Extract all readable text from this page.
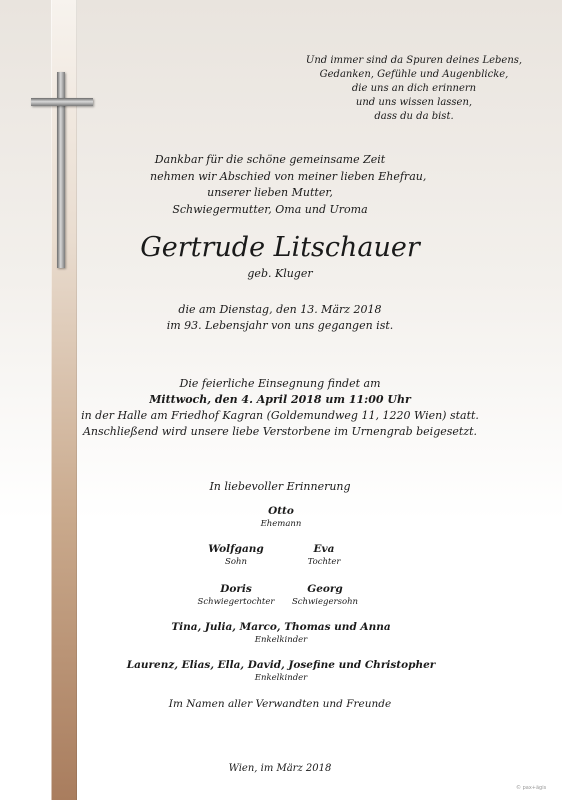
Und immer sind da Spuren deines Lebens,
Gedanken, Gefühle und Augenblicke,
die uns an dich erinnern
und uns wissen lassen,
dass du da bist.
Dankbar für die schöne gemeinsame Zeit
nehmen wir Abschied von meiner lieben Ehefrau,
unserer lieben Mutter,
Schwiegermutter, Oma und Uroma
Gertrude Litschauer
geb. Kluger
die am Dienstag, den 13. März 2018
im 93. Lebensjahr von uns gegangen ist.
Die feierliche Einsegnung findet am
Mittwoch, den 4. April 2018 um 11:00 Uhr
in der Halle am Friedhof Kagran (Goldemundweg 11, 1220 Wien) statt.
Anschließend wird unsere liebe Verstorbene im Urnengrab beigesetzt.
In liebevoller Erinnerung
Otto
Ehemann
Wolfgang
Sohn
Eva
Tochter
Doris
Schwiegertochter
Georg
Schwiegersohn
Tina, Julia, Marco, Thomas und Anna
Enkelkinder
Laurenz, Elias, Ella, David, Josefine und Christopher
Enkelkinder
Im Namen aller Verwandten und Freunde
Wien, im März 2018
© pax+ägis
